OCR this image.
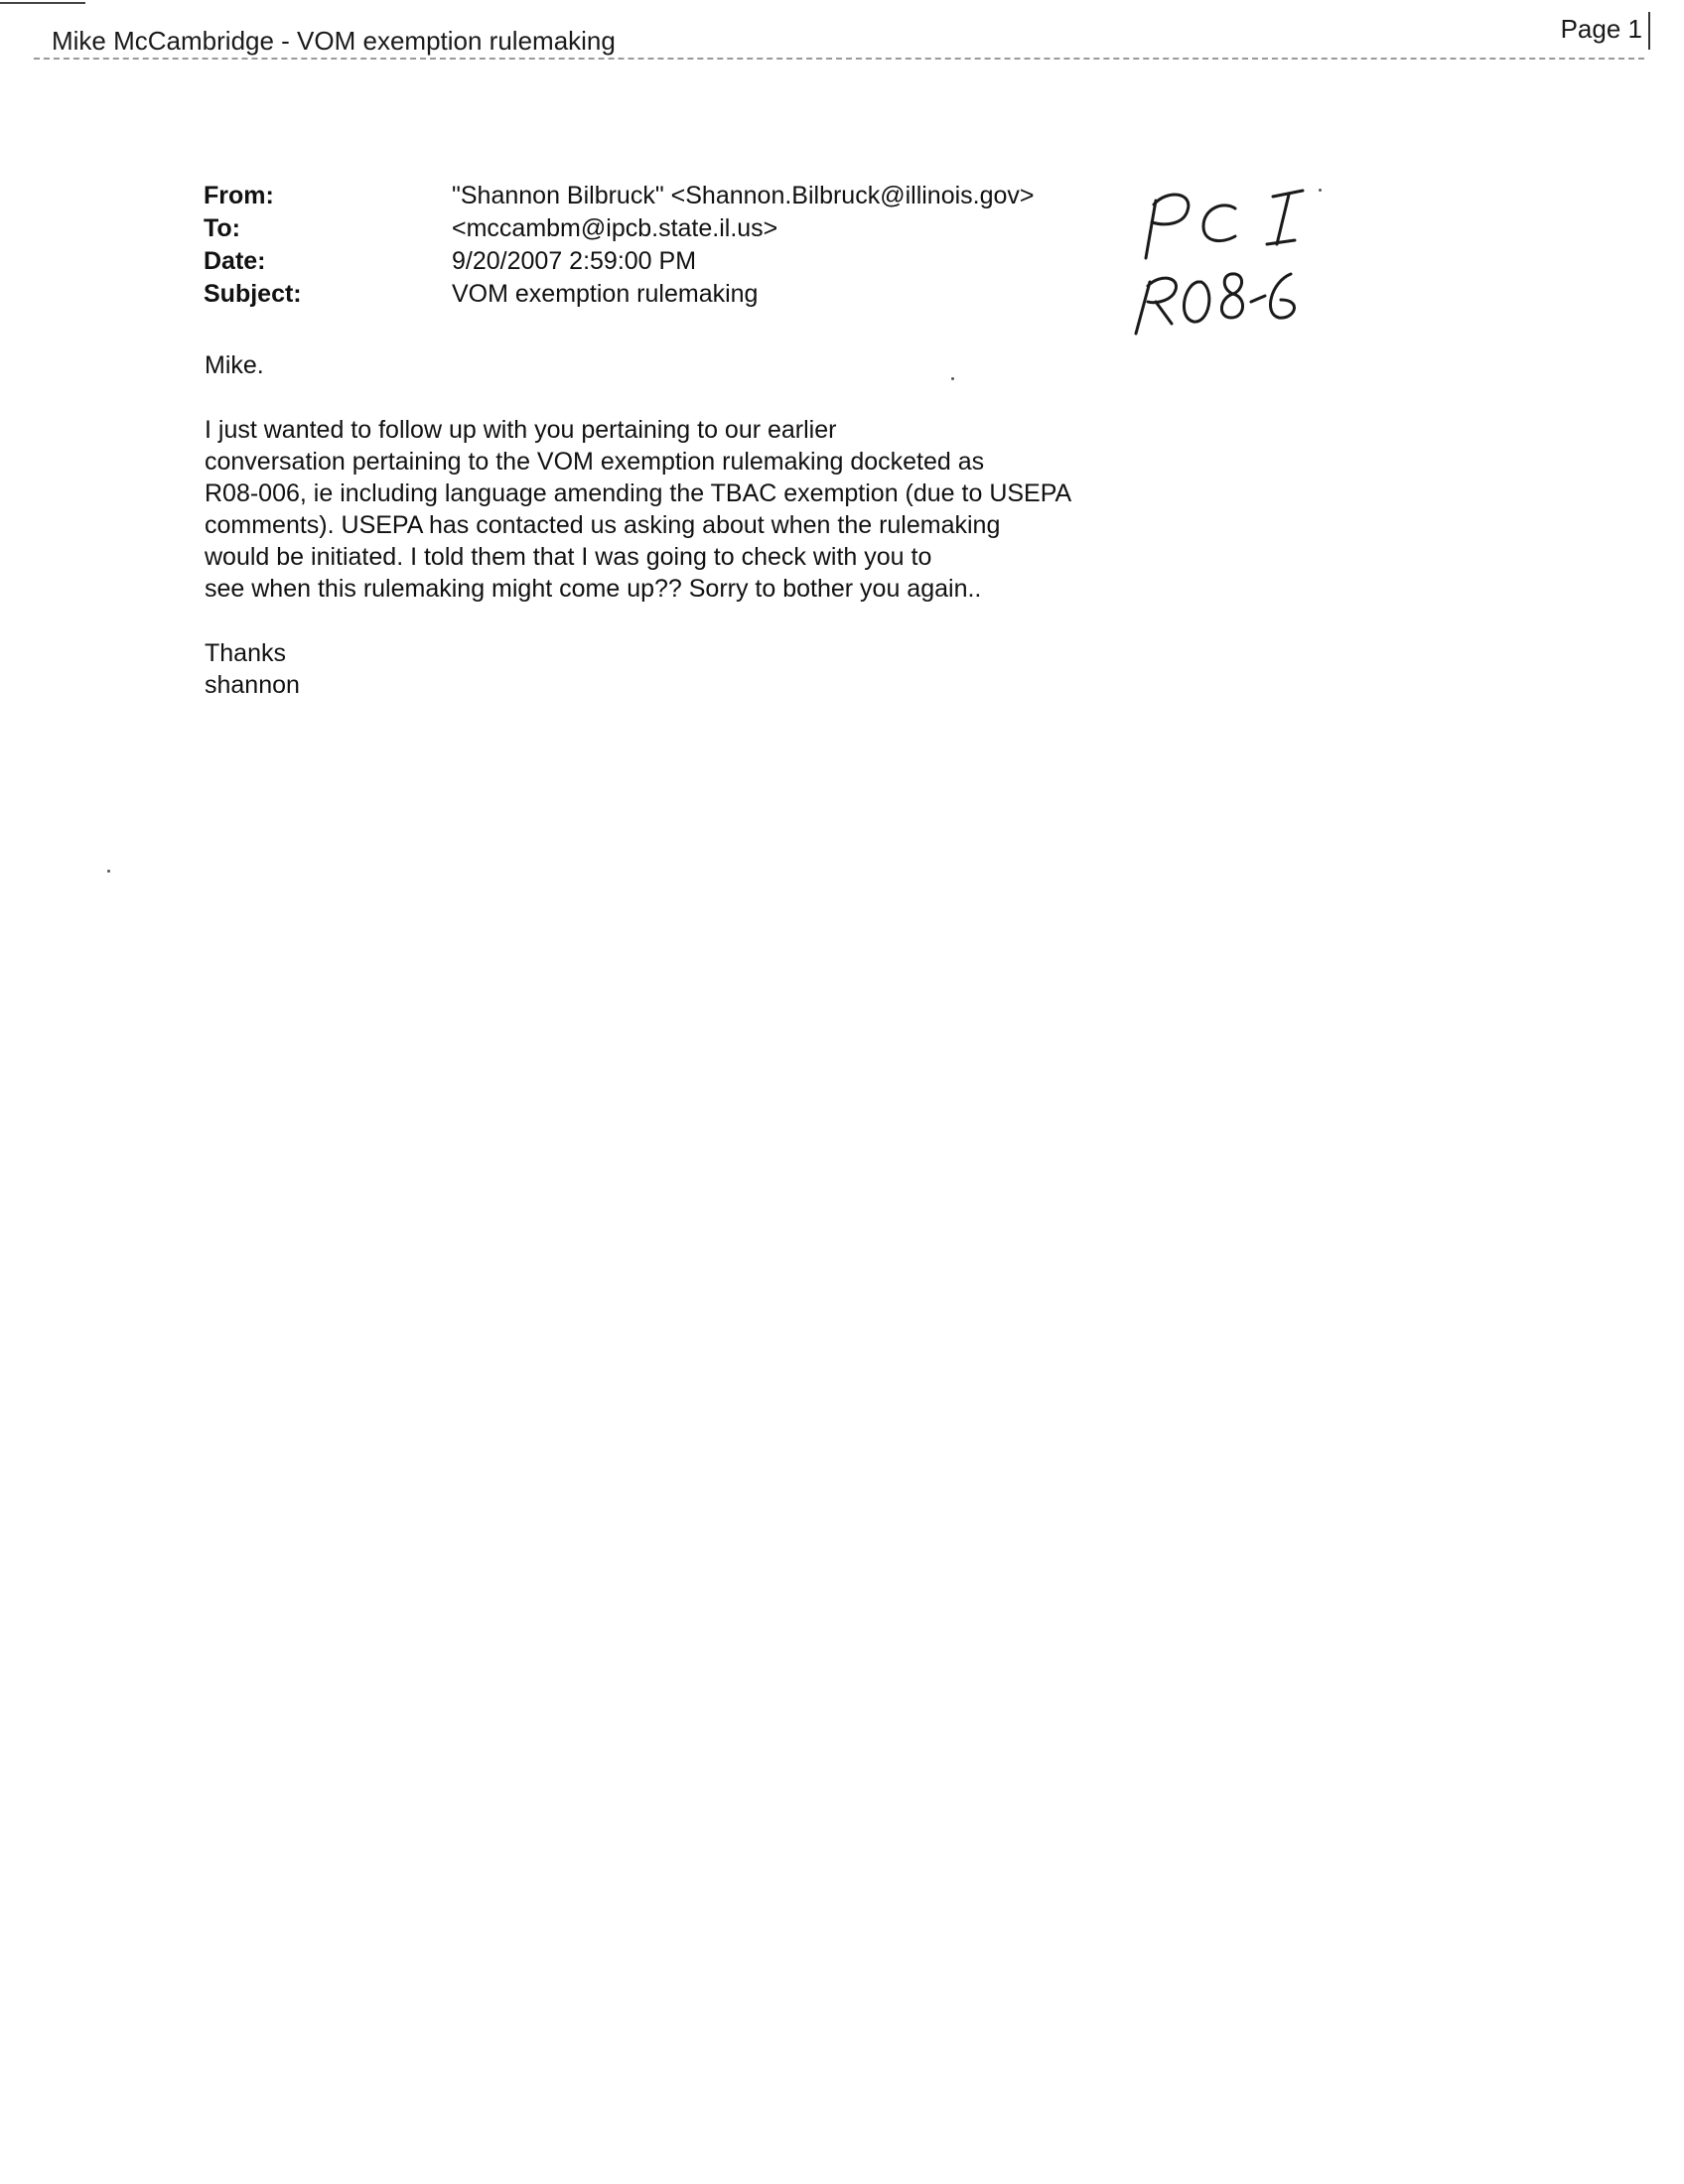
Mike McCambridge - VOM exemption rulemaking	Page 1
From:	"Shannon Bilbruck" <Shannon.Bilbruck@illinois.gov>
To:	<mccambm@ipcb.state.il.us>
Date:	9/20/2007 2:59:00 PM
Subject:	VOM exemption rulemaking
Mike.
I just wanted to follow up with you pertaining to our earlier
conversation pertaining to the VOM exemption rulemaking docketed as
R08-006, ie including language amending the TBAC exemption (due to USEPA
comments). USEPA has contacted us asking about when the rulemaking
would be initiated. I told them that I was going to check with you to
see when this rulemaking might come up?? Sorry to bother you again..
Thanks
shannon
